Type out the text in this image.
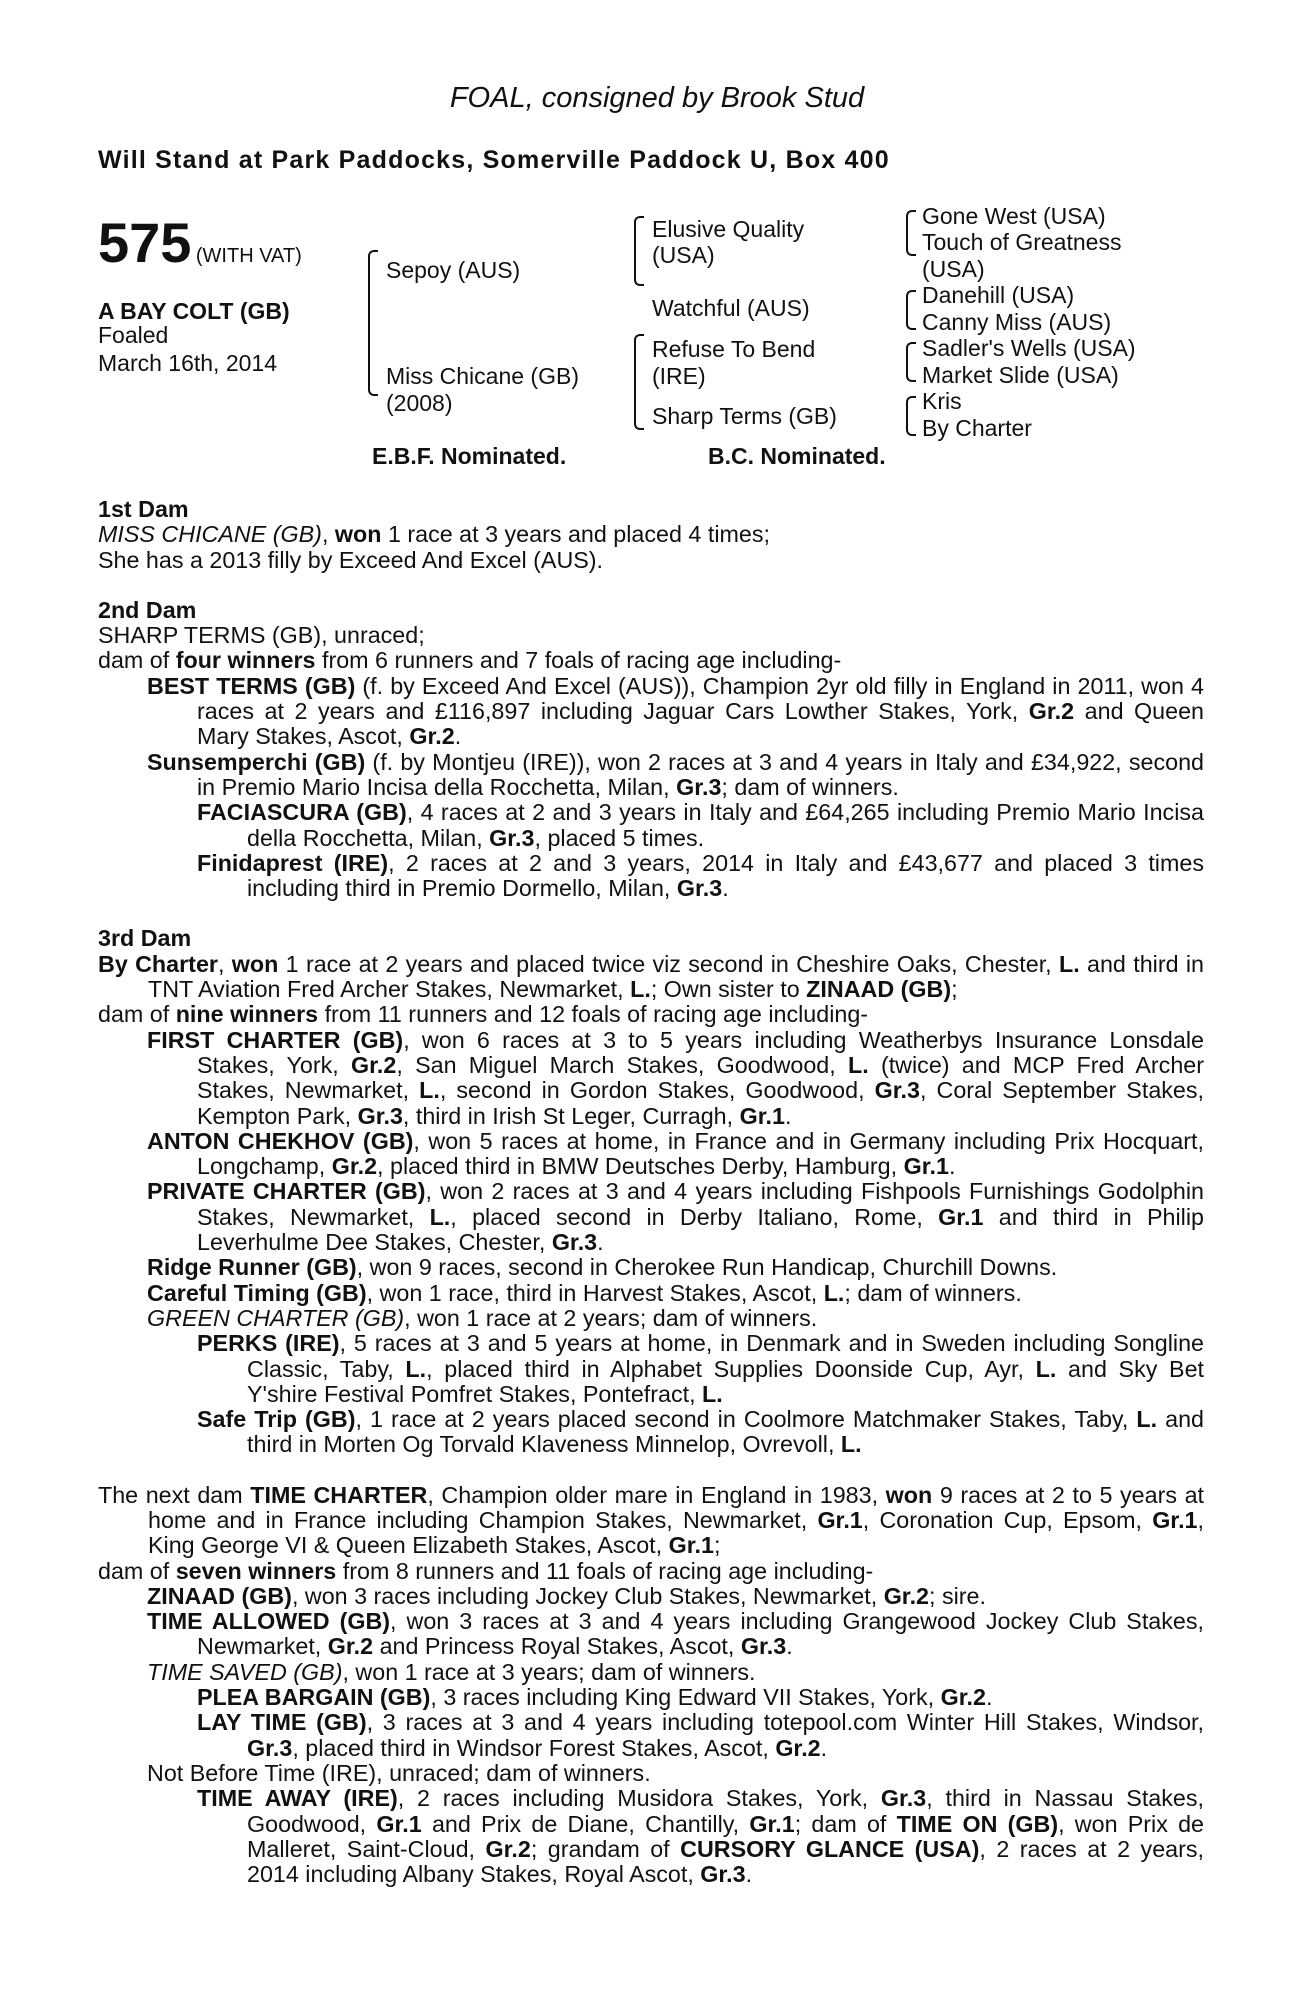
FOAL, consigned by Brook Stud
Will Stand at Park Paddocks, Somerville Paddock U, Box 400
575 (WITH VAT)
A BAY COLT (GB)
Foaled
March 16th, 2014
Sepoy (AUS)
Miss Chicane (GB)
(2008)
Elusive Quality
(USA)
Watchful (AUS)
Refuse To Bend
(IRE)
Sharp Terms (GB)
Gone West (USA)
Touch of Greatness
(USA)
Danehill (USA)
Canny Miss (AUS)
Sadler's Wells (USA)
Market Slide (USA)
Kris
By Charter
E.B.F. Nominated.	B.C. Nominated.

1st Dam

MISS CHICANE (GB), won 1 race at 3 years and placed 4 times;

She has a 2013 filly by Exceed And Excel (AUS).

2nd Dam

SHARP TERMS (GB), unraced;

dam of four winners from 6 runners and 7 foals of racing age including-

BEST TERMS (GB) (f. by Exceed And Excel (AUS)), Champion 2yr old filly in England in 2011, won 4 races at 2 years and £116,897 including Jaguar Cars Lowther Stakes, York, Gr.2 and Queen Mary Stakes, Ascot, Gr.2.

Sunsemperchi (GB) (f. by Montjeu (IRE)), won 2 races at 3 and 4 years in Italy and £34,922, second in Premio Mario Incisa della Rocchetta, Milan, Gr.3; dam of winners.

FACIASCURA (GB), 4 races at 2 and 3 years in Italy and £64,265 including Premio Mario Incisa della Rocchetta, Milan, Gr.3, placed 5 times.

Finidaprest (IRE), 2 races at 2 and 3 years, 2014 in Italy and £43,677 and placed 3 times including third in Premio Dormello, Milan, Gr.3.

3rd Dam

By Charter, won 1 race at 2 years and placed twice viz second in Cheshire Oaks, Chester, L. and third in TNT Aviation Fred Archer Stakes, Newmarket, L.; Own sister to ZINAAD (GB);

dam of nine winners from 11 runners and 12 foals of racing age including-

FIRST CHARTER (GB), won 6 races at 3 to 5 years including Weatherbys Insurance Lonsdale Stakes, York, Gr.2, San Miguel March Stakes, Goodwood, L. (twice) and MCP Fred Archer Stakes, Newmarket, L., second in Gordon Stakes, Goodwood, Gr.3, Coral September Stakes, Kempton Park, Gr.3, third in Irish St Leger, Curragh, Gr.1.

ANTON CHEKHOV (GB), won 5 races at home, in France and in Germany including Prix Hocquart, Longchamp, Gr.2, placed third in BMW Deutsches Derby, Hamburg, Gr.1.

PRIVATE CHARTER (GB), won 2 races at 3 and 4 years including Fishpools Furnishings Godolphin Stakes, Newmarket, L., placed second in Derby Italiano, Rome, Gr.1 and third in Philip Leverhulme Dee Stakes, Chester, Gr.3.

Ridge Runner (GB), won 9 races, second in Cherokee Run Handicap, Churchill Downs.

Careful Timing (GB), won 1 race, third in Harvest Stakes, Ascot, L.; dam of winners.

GREEN CHARTER (GB), won 1 race at 2 years; dam of winners.

PERKS (IRE), 5 races at 3 and 5 years at home, in Denmark and in Sweden including Songline Classic, Taby, L., placed third in Alphabet Supplies Doonside Cup, Ayr, L. and Sky Bet Y'shire Festival Pomfret Stakes, Pontefract, L.

Safe Trip (GB), 1 race at 2 years placed second in Coolmore Matchmaker Stakes, Taby, L. and third in Morten Og Torvald Klaveness Minnelop, Ovrevoll, L.

The next dam TIME CHARTER, Champion older mare in England in 1983, won 9 races at 2 to 5 years at home and in France including Champion Stakes, Newmarket, Gr.1, Coronation Cup, Epsom, Gr.1, King George VI & Queen Elizabeth Stakes, Ascot, Gr.1;

dam of seven winners from 8 runners and 11 foals of racing age including-

ZINAAD (GB), won 3 races including Jockey Club Stakes, Newmarket, Gr.2; sire.

TIME ALLOWED (GB), won 3 races at 3 and 4 years including Grangewood Jockey Club Stakes, Newmarket, Gr.2 and Princess Royal Stakes, Ascot, Gr.3.

TIME SAVED (GB), won 1 race at 3 years; dam of winners.

PLEA BARGAIN (GB), 3 races including King Edward VII Stakes, York, Gr.2.

LAY TIME (GB), 3 races at 3 and 4 years including totepool.com Winter Hill Stakes, Windsor, Gr.3, placed third in Windsor Forest Stakes, Ascot, Gr.2.

Not Before Time (IRE), unraced; dam of winners.

TIME AWAY (IRE), 2 races including Musidora Stakes, York, Gr.3, third in Nassau Stakes, Goodwood, Gr.1 and Prix de Diane, Chantilly, Gr.1; dam of TIME ON (GB), won Prix de Malleret, Saint-Cloud, Gr.2; grandam of CURSORY GLANCE (USA), 2 races at 2 years, 2014 including Albany Stakes, Royal Ascot, Gr.3.
